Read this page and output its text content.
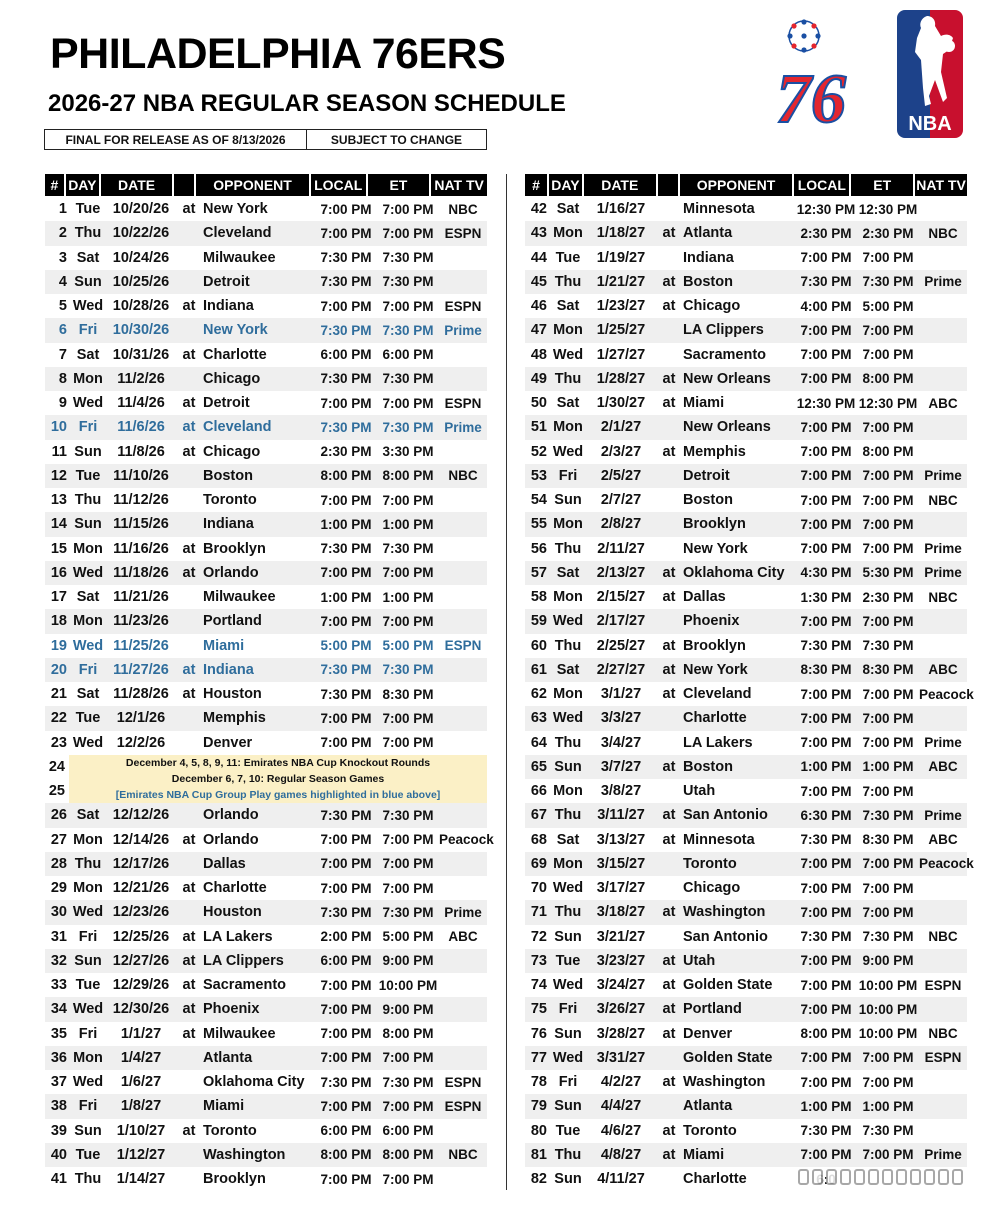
PHILADELPHIA 76ERS
2026-27 NBA REGULAR SEASON SCHEDULE
FINAL FOR RELEASE AS OF 8/13/2026	SUBJECT TO CHANGE
76	NBA
# DAY	DATE	OPPONENT	LOCAL	ET	NAT TV
1 Tue 10/20/26 at New York	7:00 PM 7:00 PM	NBC
2 Thu 10/22/26	Cleveland	7:00 PM 7:00 PM ESPN
3 Sat 10/24/26	Milwaukee	7:30 PM 7:30 PM
4 Sun 10/25/26	Detroit	7:30 PM 7:30 PM
5 Wed 10/28/26 at Indiana	7:00 PM 7:00 PM ESPN
6 Fri	10/30/26	New York	7:30 PM 7:30 PM Prime
7 Sat 10/31/26 at Charlotte	6:00 PM 6:00 PM
8 Mon 11/2/26	Chicago	7:30 PM 7:30 PM
9 Wed 11/4/26	at Detroit	7:00 PM 7:00 PM ESPN
10 Fri	11/6/26	at Cleveland	7:30 PM 7:30 PM Prime
11 Sun	11/8/26	at Chicago	2:30 PM 3:30 PM
12 Tue 11/10/26	Boston	8:00 PM 8:00 PM	NBC
13 Thu 11/12/26	Toronto	7:00 PM 7:00 PM
14 Sun 11/15/26	Indiana	1:00 PM 1:00 PM
15 Mon 11/16/26 at Brooklyn	7:30 PM 7:30 PM
16 Wed 11/18/26 at Orlando	7:00 PM 7:00 PM
17 Sat 11/21/26	Milwaukee	1:00 PM 1:00 PM
18 Mon 11/23/26	Portland	7:00 PM 7:00 PM
19 Wed 11/25/26	Miami	5:00 PM 5:00 PM ESPN
20 Fri	11/27/26 at Indiana	7:30 PM 7:30 PM
21 Sat 11/28/26 at Houston	7:30 PM 8:30 PM
22 Tue	12/1/26	Memphis	7:00 PM 7:00 PM
23 Wed 12/2/26	Denver	7:00 PM 7:00 PM
24
25
December 4, 5, 8, 9, 11: Emirates NBA Cup Knockout Rounds
December 6, 7, 10: Regular Season Games
[Emirates NBA Cup Group Play games highlighted in blue above]
26 Sat 12/12/26	Orlando	7:30 PM 7:30 PM
27 Mon 12/14/26 at Orlando	7:00 PM 7:00 PM Peacock
28 Thu 12/17/26	Dallas	7:00 PM 7:00 PM
29 Mon 12/21/26 at Charlotte	7:00 PM 7:00 PM
30 Wed 12/23/26	Houston	7:30 PM 7:30 PM Prime
31 Fri	12/25/26 at LA Lakers	2:00 PM 5:00 PM	ABC
32 Sun 12/27/26 at LA Clippers	6:00 PM 9:00 PM
33 Tue 12/29/26 at Sacramento	7:00 PM 10:00 PM
34 Wed 12/30/26 at Phoenix	7:00 PM 9:00 PM
35 Fri	1/1/27	at Milwaukee	7:00 PM 8:00 PM
36 Mon	1/4/27	Atlanta	7:00 PM 7:00 PM
37 Wed	1/6/27	Oklahoma City	7:30 PM 7:30 PM ESPN
38 Fri	1/8/27	Miami	7:00 PM 7:00 PM ESPN
39 Sun	1/10/27	at Toronto	6:00 PM 6:00 PM
40 Tue	1/12/27	Washington	8:00 PM 8:00 PM	NBC
41 Thu	1/14/27	Brooklyn	7:00 PM 7:00 PM
# DAY	DATE	OPPONENT	LOCAL	ET	NAT TV
42 Sat	1/16/27	Minnesota	12:30 PM 12:30 PM
43 Mon 1/18/27	at Atlanta	2:30 PM 2:30 PM	NBC
44 Tue	1/19/27	Indiana	7:00 PM 7:00 PM
45 Thu	1/21/27	at Boston	7:30 PM 7:30 PM Prime
46 Sat	1/23/27	at Chicago	4:00 PM 5:00 PM
47 Mon 1/25/27	LA Clippers	7:00 PM 7:00 PM
48 Wed 1/27/27	Sacramento	7:00 PM 7:00 PM
49 Thu	1/28/27	at New Orleans	7:00 PM 8:00 PM
50 Sat	1/30/27	at Miami	12:30 PM 12:30 PM ABC
51 Mon	2/1/27	New Orleans	7:00 PM 7:00 PM
52 Wed	2/3/27	at Memphis	7:00 PM 8:00 PM
53 Fri	2/5/27	Detroit	7:00 PM 7:00 PM Prime
54 Sun	2/7/27	Boston	7:00 PM 7:00 PM	NBC
55 Mon	2/8/27	Brooklyn	7:00 PM 7:00 PM
56 Thu	2/11/27	New York	7:00 PM 7:00 PM Prime
57 Sat	2/13/27	at Oklahoma City	4:30 PM 5:30 PM Prime
58 Mon 2/15/27	at Dallas	1:30 PM 2:30 PM	NBC
59 Wed 2/17/27	Phoenix	7:00 PM 7:00 PM
60 Thu	2/25/27	at Brooklyn	7:30 PM 7:30 PM
61 Sat	2/27/27	at New York	8:30 PM 8:30 PM	ABC
62 Mon	3/1/27	at Cleveland	7:00 PM 7:00 PM Peacock
63 Wed	3/3/27	Charlotte	7:00 PM 7:00 PM
64 Thu	3/4/27	LA Lakers	7:00 PM 7:00 PM Prime
65 Sun	3/7/27	at Boston	1:00 PM 1:00 PM	ABC
66 Mon	3/8/27	Utah	7:00 PM 7:00 PM
67 Thu	3/11/27	at San Antonio	6:30 PM 7:30 PM Prime
68 Sat	3/13/27	at Minnesota	7:30 PM 8:30 PM	ABC
69 Mon 3/15/27	Toronto	7:00 PM 7:00 PM Peacock
70 Wed 3/17/27	Chicago	7:00 PM 7:00 PM
71 Thu	3/18/27	at Washington	7:00 PM 7:00 PM
72 Sun	3/21/27	San Antonio	7:30 PM 7:30 PM	NBC
73 Tue	3/23/27	at Utah	7:00 PM 9:00 PM
74 Wed 3/24/27	at Golden State	7:00 PM 10:00 PM ESPN
75 Fri	3/26/27	at Portland	7:00 PM 10:00 PM
76 Sun	3/28/27	at Denver	8:00 PM 10:00 PM NBC
77 Wed 3/31/27	Golden State	7:00 PM 7:00 PM ESPN
78 Fri	4/2/27	at Washington	7:00 PM 7:00 PM
79 Sun	4/4/27	Atlanta	1:00 PM 1:00 PM
80 Tue	4/6/27	at Toronto	7:30 PM 7:30 PM
81 Thu	4/8/27	at Miami	7:00 PM 7:00 PM Prime
82 Sun	4/11/27	Charlotte
